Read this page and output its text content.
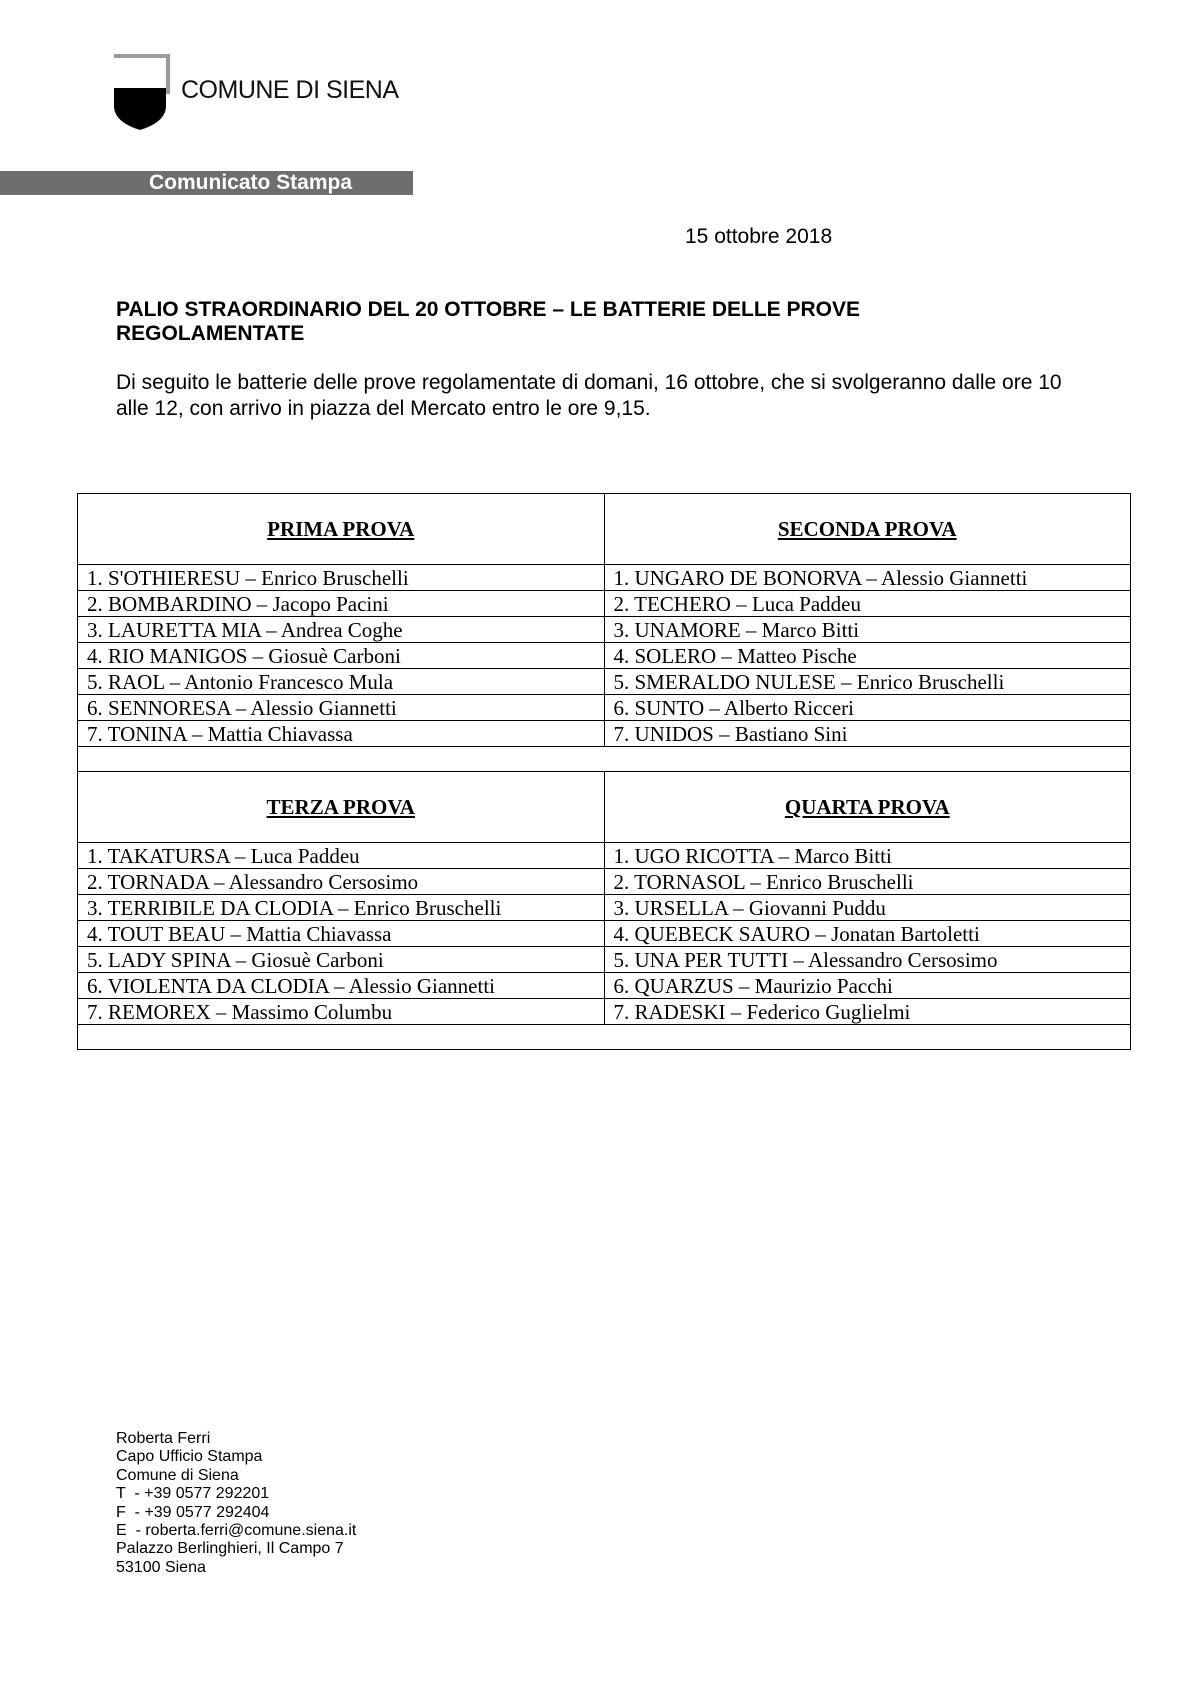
COMUNE DI SIENA
Comunicato Stampa
15 ottobre 2018
PALIO STRAORDINARIO DEL 20 OTTOBRE – LE BATTERIE DELLE PROVE REGOLAMENTATE
Di seguito le batterie delle prove regolamentate di domani, 16 ottobre, che si svolgeranno dalle ore 10 alle 12, con arrivo in piazza del Mercato entro le ore 9,15.
PRIMA PROVA	SECONDA PROVA
1. S'OTHIERESU – Enrico Bruschelli	1. UNGARO DE BONORVA – Alessio Giannetti
2. BOMBARDINO – Jacopo Pacini	2. TECHERO – Luca Paddeu
3. LAURETTA MIA – Andrea Coghe	3. UNAMORE – Marco Bitti
4. RIO MANIGOS – Giosuè Carboni	4. SOLERO – Matteo Pische
5. RAOL – Antonio Francesco Mula	5. SMERALDO NULESE – Enrico Bruschelli
6. SENNORESA – Alessio Giannetti	6. SUNTO – Alberto Ricceri
7. TONINA – Mattia Chiavassa	7. UNIDOS – Bastiano Sini

TERZA PROVA	QUARTA PROVA
1. TAKATURSA – Luca Paddeu	1. UGO RICOTTA – Marco Bitti
2. TORNADA – Alessandro Cersosimo	2. TORNASOL – Enrico Bruschelli
3. TERRIBILE DA CLODIA – Enrico Bruschelli	3. URSELLA – Giovanni Puddu
4. TOUT BEAU – Mattia Chiavassa	4. QUEBECK SAURO – Jonatan Bartoletti
5. LADY SPINA – Giosuè Carboni	5. UNA PER TUTTI – Alessandro Cersosimo
6. VIOLENTA DA CLODIA – Alessio Giannetti	6. QUARZUS – Maurizio Pacchi
7. REMOREX – Massimo Columbu	7. RADESKI – Federico Guglielmi

Roberta Ferri
Capo Ufficio Stampa
Comune di Siena
T  - +39 0577 292201
F  - +39 0577 292404
E  - roberta.ferri@comune.siena.it
Palazzo Berlinghieri, Il Campo 7
53100 Siena
